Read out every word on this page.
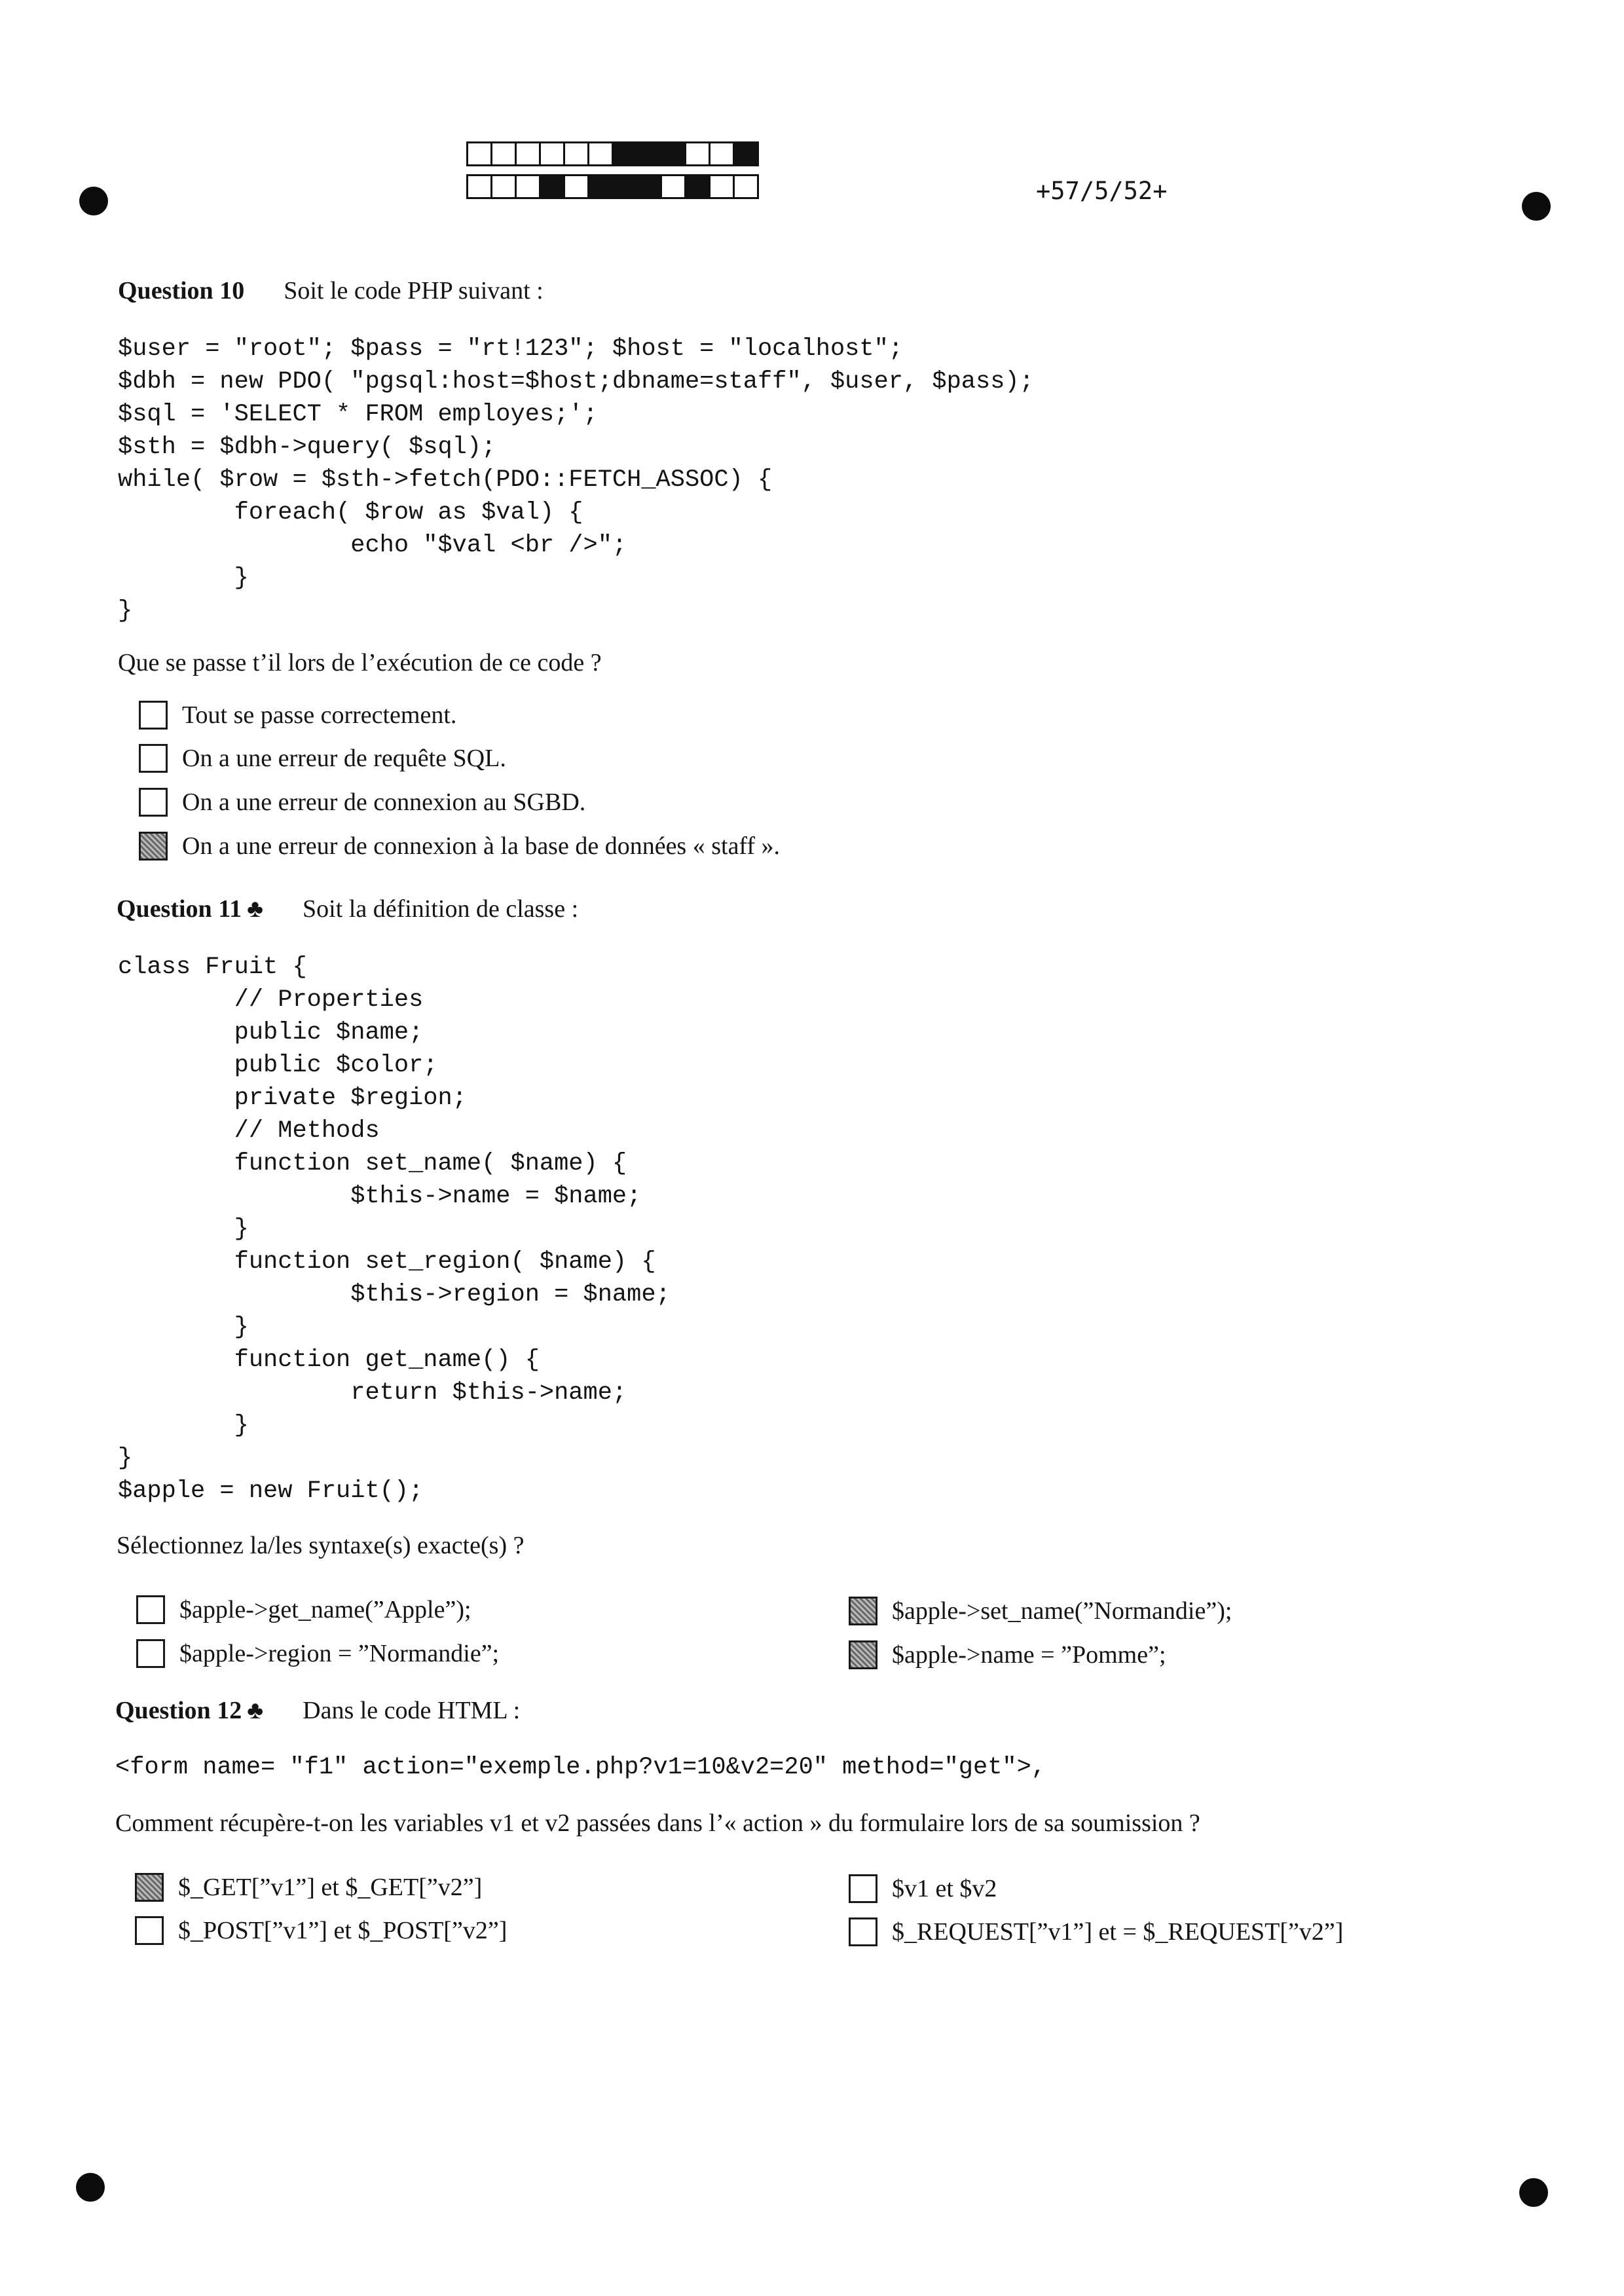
+57/5/52+
Question 10 Soit le code PHP suivant :
$user = "root"; $pass = "rt!123"; $host = "localhost";
$dbh = new PDO( "pgsql:host=$host;dbname=staff", $user, $pass);
$sql = 'SELECT * FROM employes;';
$sth = $dbh->query( $sql);
while( $row = $sth->fetch(PDO::FETCH_ASSOC) {
foreach( $row as $val) {
echo "$val <br />";
}
}
Que se passe t’il lors de l’exécution de ce code ?
Tout se passe correctement.
On a une erreur de requête SQL.
On a une erreur de connexion au SGBD.
On a une erreur de connexion à la base de données « staff ».
Question 11 ♣ Soit la définition de classe :
class Fruit {
// Properties
public $name;
public $color;
private $region;
// Methods
function set_name( $name) {
$this->name = $name;
}
function set_region( $name) {
$this->region = $name;
}
function get_name() {
return $this->name;
}
}
$apple = new Fruit();
Sélectionnez la/les syntaxe(s) exacte(s) ?
$apple->get_name(”Apple”);
$apple->region = ”Normandie”;
$apple->set_name(”Normandie”);
$apple->name = ”Pomme”;
Question 12 ♣ Dans le code HTML :
<form name= "f1" action="exemple.php?v1=10&v2=20" method="get">,
Comment récupère-t-on les variables v1 et v2 passées dans l’« action » du formulaire lors de sa soumission ?
$_GET[”v1”] et $_GET[”v2”]
$_POST[”v1”] et $_POST[”v2”]
$v1 et $v2
$_REQUEST[”v1”] et = $_REQUEST[”v2”]
